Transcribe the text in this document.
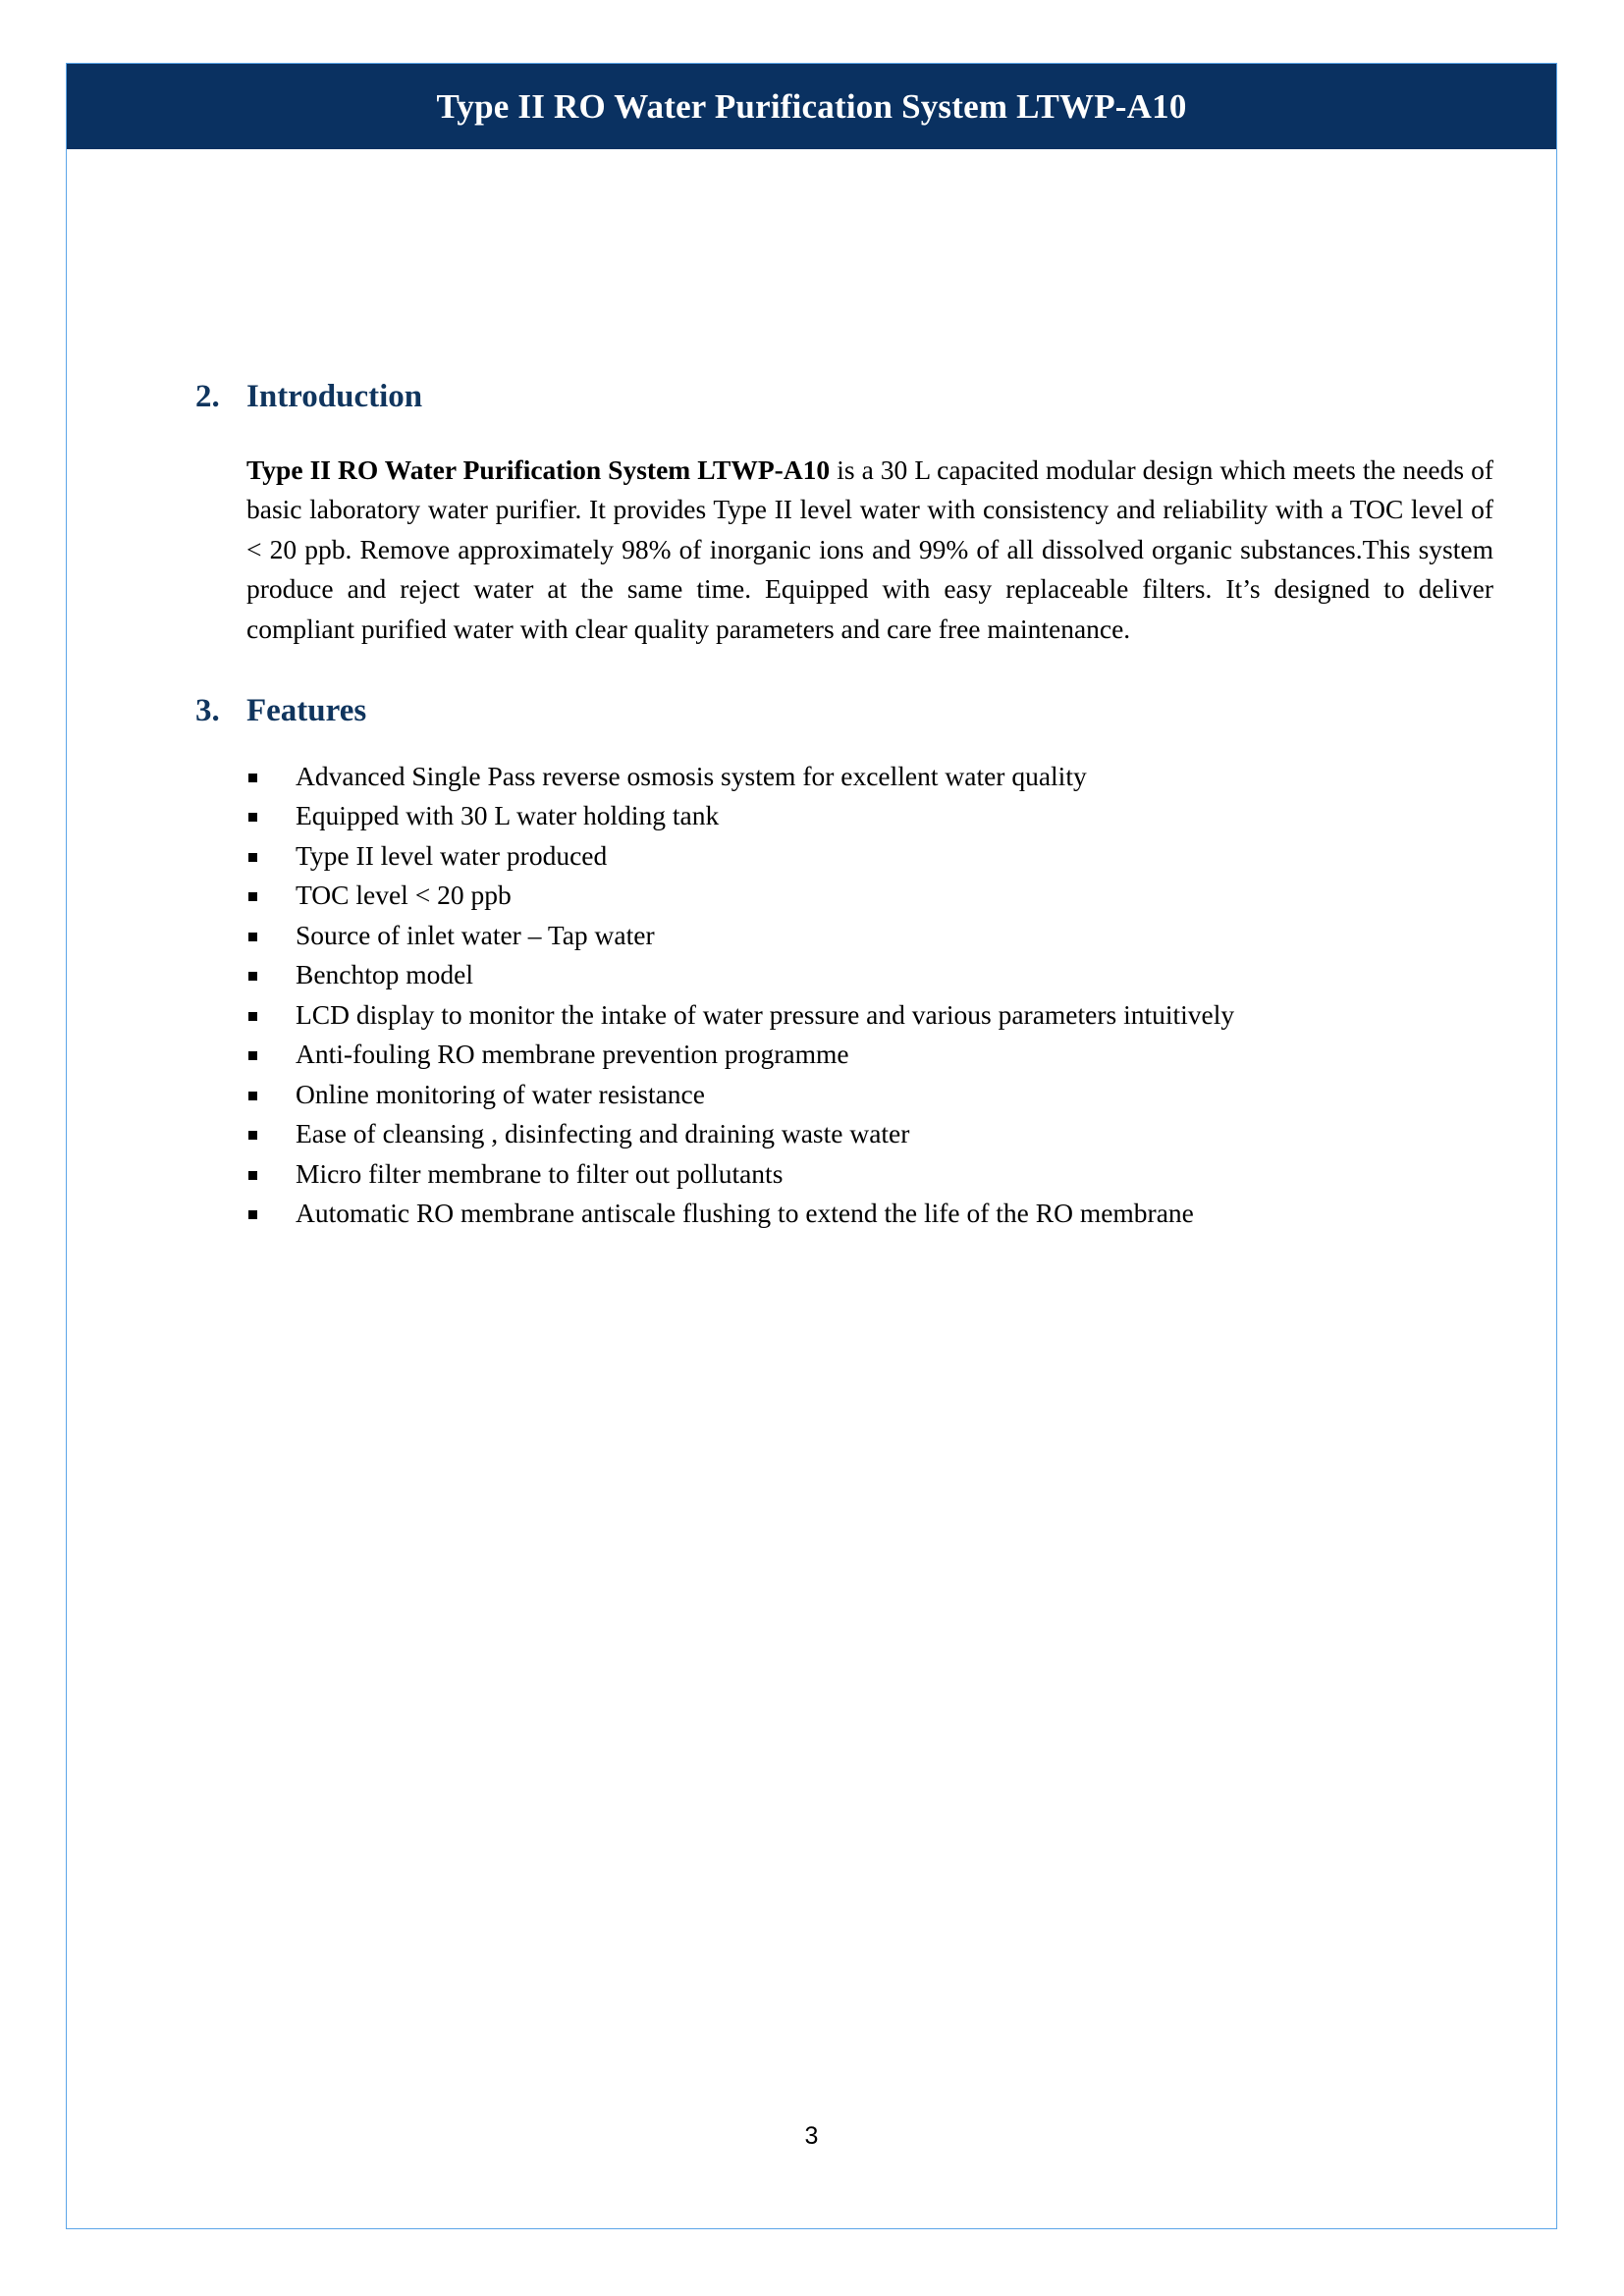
Type II RO Water Purification System LTWP-A10
2. Introduction

Type II RO Water Purification System LTWP-A10 is a 30 L capacited modular design which meets the needs of basic laboratory water purifier. It provides Type II level water with consistency and reliability with a TOC level of < 20 ppb. Remove approximately 98% of inorganic ions and 99% of all dissolved organic substances.This system produce and reject water at the same time. Equipped with easy replaceable filters. It’s designed to deliver compliant purified water with clear quality parameters and care free maintenance.

3. Features
Advanced Single Pass reverse osmosis system for excellent water quality
Equipped with 30 L water holding tank
Type II level water produced
TOC level < 20 ppb
Source of inlet water – Tap water
Benchtop model
LCD display to monitor the intake of water pressure and various parameters intuitively
Anti-fouling RO membrane prevention programme
Online monitoring of water resistance
Ease of cleansing , disinfecting and draining waste water
Micro filter membrane to filter out pollutants
Automatic RO membrane antiscale flushing to extend the life of the RO membrane
3
